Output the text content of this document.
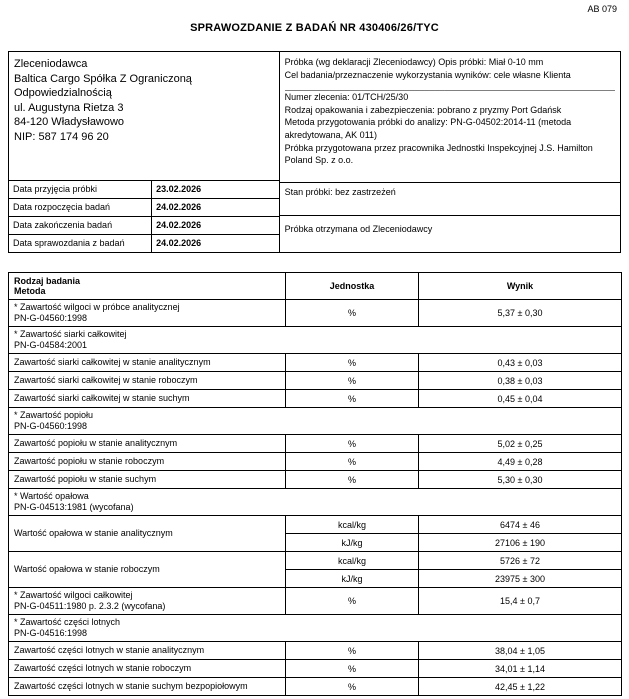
AB 079
SPRAWOZDANIE Z BADAŃ NR 430406/26/TYC
Zleceniodawca
Baltica Cargo Spółka Z Ograniczoną Odpowiedzialnością
ul. Augustyna Rietza 3
84-120 Władysławowo
NIP: 587 174 96 20
Data przyjęcia próbki	23.02.2026
Data rozpoczęcia badań	24.02.2026
Data zakończenia badań	24.02.2026
Data sprawozdania z badań	24.02.2026
Próbka (wg deklaracji Zleceniodawcy) Opis próbki: Miał 0-10 mm
Cel badania/przeznaczenie wykorzystania wyników: cele własne Klienta
__________________________________________________________________
Numer zlecenia: 01/TCH/25/30
Rodzaj opakowania i zabezpieczenia: pobrano z pryzmy Port Gdańsk
Metoda przygotowania próbki do analizy: PN-G-04502:2014-11 (metoda akredytowana, AK 011)
Próbka przygotowana przez pracownika Jednostki Inspekcyjnej J.S. Hamilton Poland Sp. z o.o.
Stan próbki: bez zastrzeżeń
Próbka otrzymana od Zleceniodawcy
Rodzaj badania
Metoda	Jednostka	Wynik

* Zawartość wilgoci w próbce analitycznej
PN-G-04560:1998	%	5,37 ± 0,30

* Zawartość siarki całkowitej
PN-G-04584:2001		

Zawartość siarki całkowitej w stanie analitycznym	%	0,43 ± 0,03

Zawartość siarki całkowitej w stanie roboczym	%	0,38 ± 0,03

Zawartość siarki całkowitej w stanie suchym	%	0,45 ± 0,04

* Zawartość popiołu
PN-G-04560:1998		

Zawartość popiołu w stanie analitycznym	%	5,02 ± 0,25

Zawartość popiołu w stanie roboczym	%	4,49 ± 0,28

Zawartość popiołu w stanie suchym	%	5,30 ± 0,30

* Wartość opałowa
PN-G-04513:1981 (wycofana)		

Wartość opałowa w stanie analitycznym	kcal/kg	6474 ± 46
	kJ/kg	27106 ± 190

Wartość opałowa w stanie roboczym	kcal/kg	5726 ± 72
	kJ/kg	23975 ± 300

* Zawartość wilgoci całkowitej
PN-G-04511:1980 p. 2.3.2 (wycofana)	%	15,4 ± 0,7

* Zawartość części lotnych
PN-G-04516:1998		

Zawartość części lotnych w stanie analitycznym	%	38,04 ± 1,05

Zawartość części lotnych w stanie roboczym	%	34,01 ± 1,14

Zawartość części lotnych w stanie suchym bezpopiołowym	%	42,45 ± 1,22
